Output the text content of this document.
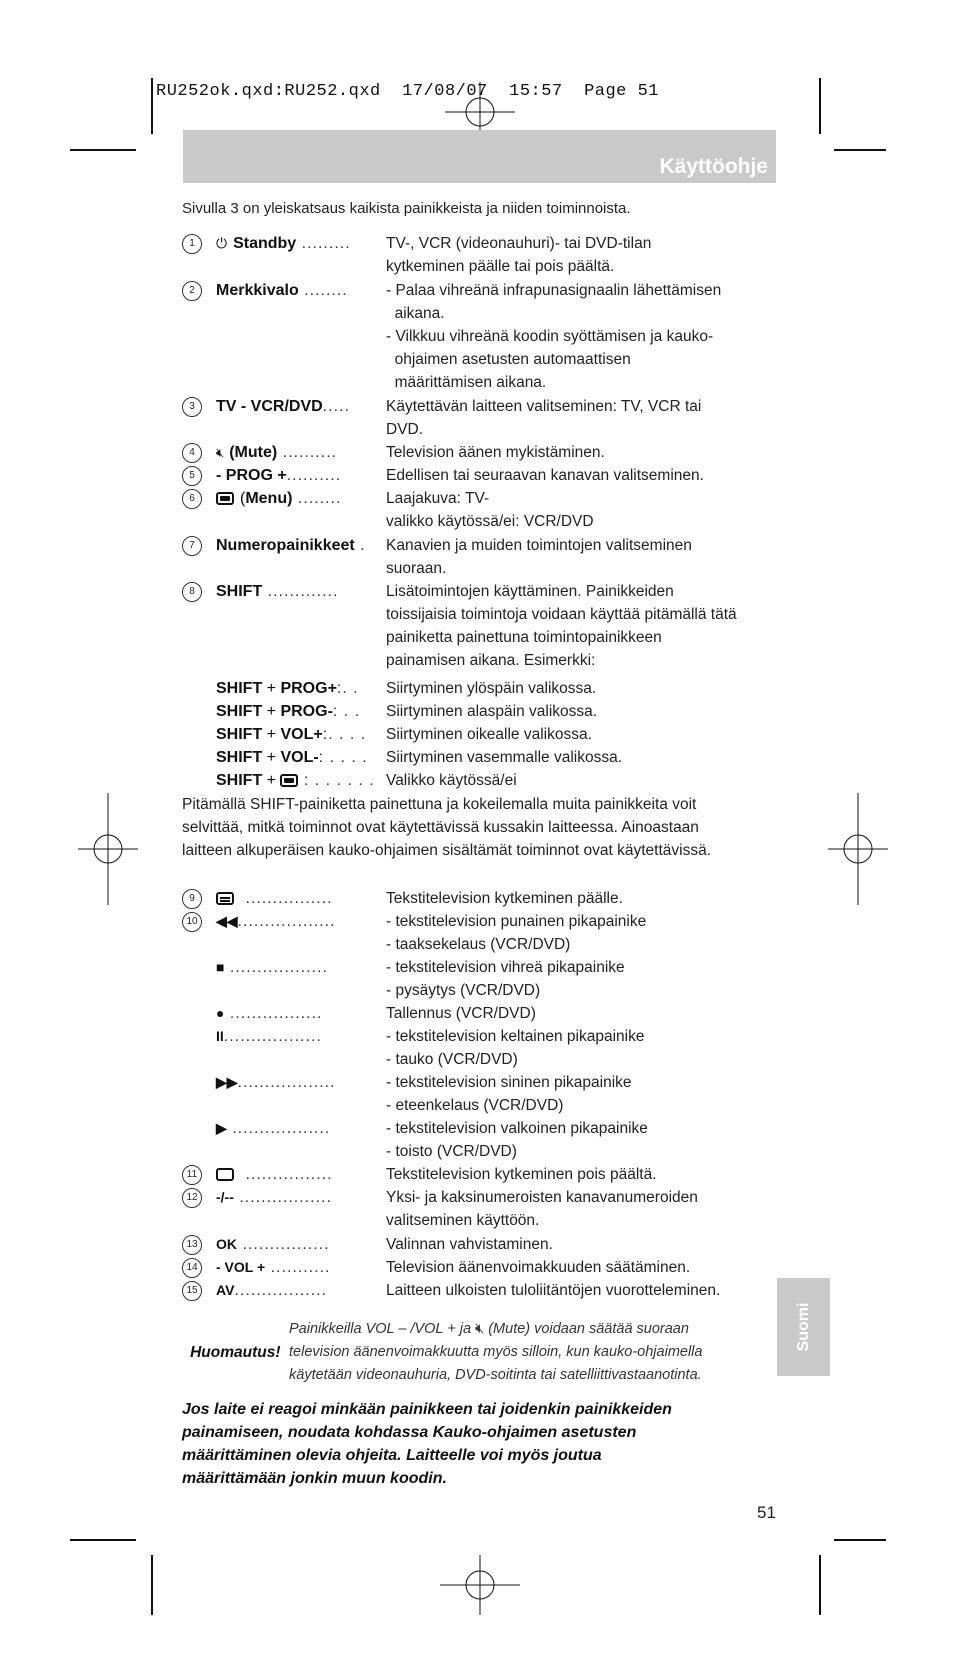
RU252ok.qxd:RU252.qxd  17/08/07  15:57  Page 51
Käyttöohje
Sivulla 3 on yleiskatsaus kaikista painikkeista ja niiden toiminnoista.
1	⏻ Standby ......... TV-, VCR (videonauhuri)- tai DVD-tilan
kytkeminen päälle tai pois päältä.
2	Merkkivalo ........ - Palaa vihreänä infrapunasignaalin lähettämisen
aikana.
- Vilkkuu vihreänä koodin syöttämisen ja kauko-
ohjaimen asetusten automaattisen
määrittämisen aikana.
3	TV - VCR/DVD..... Käytettävän laitteen valitseminen: TV, VCR tai
DVD.
4	🔇︎ (Mute) ..........	Television äänen mykistäminen.
5	- PROG +..........	Edellisen tai seuraavan kanavan valitseminen.
6	(Menu) ........	Laajakuva: TV-
valikko käytössä/ei: VCR/DVD
7	Numeropainikkeet . Kanavien ja muiden toimintojen valitseminen
suoraan.
8	SHIFT .............	Lisätoimintojen käyttäminen. Painikkeiden
toissijaisia toimintoja voidaan käyttää pitämällä tätä
painiketta painettuna toimintopainikkeen
painamisen aikana. Esimerkki:
SHIFT + PROG+:. . Siirtyminen ylöspäin valikossa.
SHIFT + PROG-: . . Siirtyminen alaspäin valikossa.
SHIFT + VOL+:. . . . Siirtyminen oikealle valikossa.
SHIFT + VOL-: . . . . Siirtyminen vasemmalle valikossa.
SHIFT +  : . . . . . . Valikko käytössä/ei
Pitämällä SHIFT-painiketta painettuna ja kokeilemalla muita painikkeita voit
selvittää, mitkä toiminnot ovat käytettävissä kussakin laitteessa. Ainoastaan
laitteen alkuperäisen kauko-ohjaimen sisältämät toiminnot ovat käytettävissä.
9	................	Tekstitelevision kytkeminen päälle.
10	◀◀..................	- tekstitelevision punainen pikapainike
- taaksekelaus (VCR/DVD)
■ ..................	- tekstitelevision vihreä pikapainike
- pysäytys (VCR/DVD)
● .................	Tallennus (VCR/DVD)
II..................	- tekstitelevision keltainen pikapainike
- tauko (VCR/DVD)
▶▶..................	- tekstitelevision sininen pikapainike
- eteenkelaus (VCR/DVD)
▶ ..................	- tekstitelevision valkoinen pikapainike
- toisto (VCR/DVD)
11	................	Tekstitelevision kytkeminen pois päältä.
12	-/-- .................	Yksi- ja kaksinumeroisten kanavanumeroiden
valitseminen käyttöön.
13	OK ................	Valinnan vahvistaminen.
14	- VOL + ...........	Television äänenvoimakkuuden säätäminen.
15	AV.................	Laitteen ulkoisten tuloliitäntöjen vuorotteleminen.

Huomautus!

Painikkeilla VOL – /VOL + ja 🔇︎ (Mute) voidaan säätää suoraan
television äänenvoimakkuutta myös silloin, kun kauko-ohjaimella
käytetään videonauhuria, DVD-soitinta tai satelliittivastaanotinta.

Jos laite ei reagoi minkään painikkeen tai joidenkin painikkeiden
painamiseen, noudata kohdassa Kauko-ohjaimen asetusten
määrittäminen olevia ohjeita. Laitteelle voi myös joutua
määrittämään jonkin muun koodin.
Suomi
51
